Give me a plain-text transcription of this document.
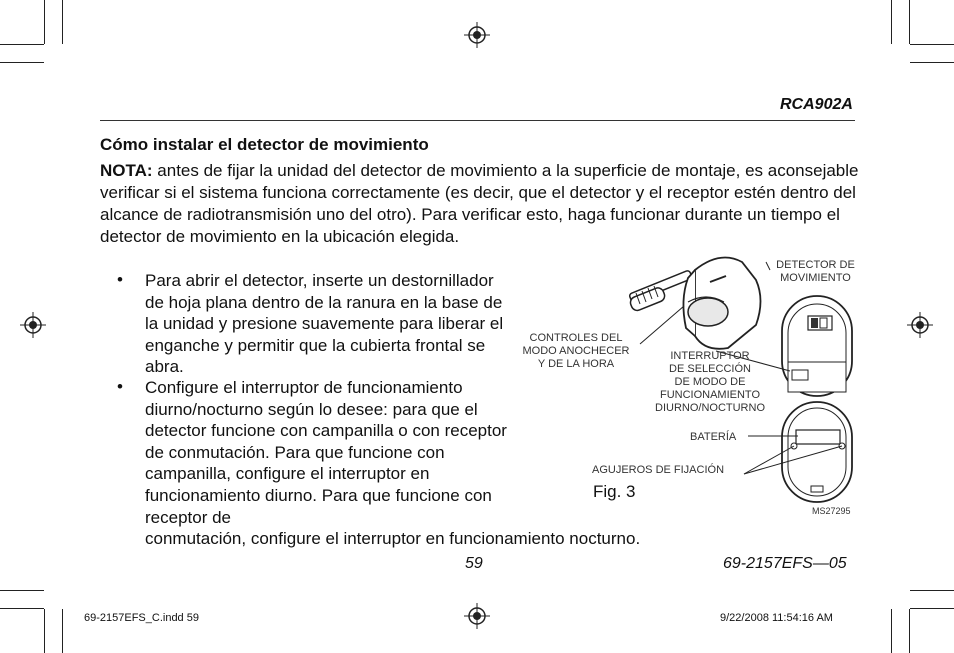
RCA902A
Cómo instalar el detector de movimiento

NOTA: antes de fijar la unidad del detector de movimiento a la superficie de montaje, es aconsejable verificar si el sistema funciona correctamente (es decir, que el detector y el receptor estén dentro del alcance de radiotransmisión uno del otro). Para verificar esto, haga funcionar durante un tiempo el detector de movimiento en la ubicación elegida.

• Para abrir el detector, inserte un destornillador de hoja plana dentro de la ranura en la base de la unidad y presione suavemente para liberar el enganche y permitir que la cubierta frontal se abra.
• Configure el interruptor de funcionamiento diurno/nocturno según lo desee: para que el detector funcione con campanilla o con receptor de conmutación. Para que funcione con campanilla, configure el interruptor en funcionamiento diurno. Para que funcione con receptor de
conmutación, configure el interruptor en funcionamiento nocturno.
DETECTOR DE
MOVIMIENTO
CONTROLES DEL
MODO ANOCHECER
Y DE LA HORA
INTERRUPTOR
DE SELECCIÓN
DE MODO DE
FUNCIONAMIENTO
DIURNO/NOCTURNO
BATERÍA
AGUJEROS DE FIJACIÓN
Fig. 3
MS27295
59	69-2157EFS—05
69-2157EFS_C.indd 59	9/22/2008 11:54:16 AM
